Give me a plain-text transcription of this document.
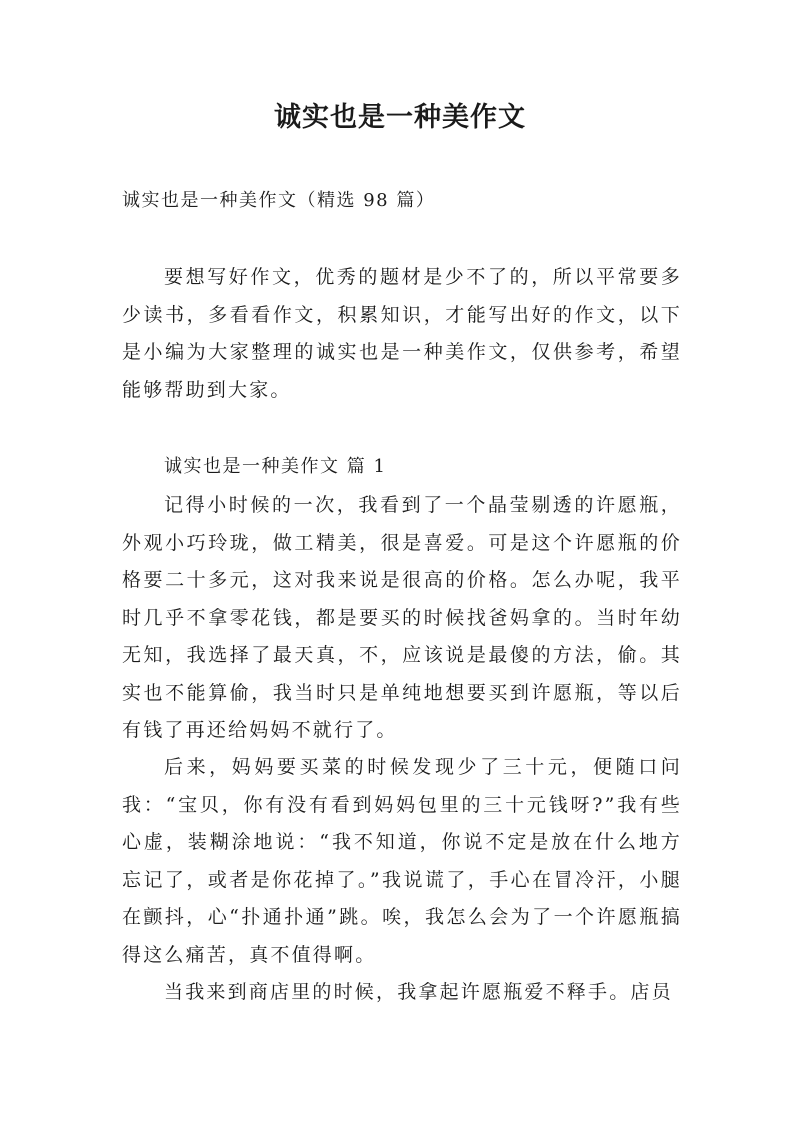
诚实也是一种美作文

诚实也是一种美作文（精选 98 篇）

要想写好作文，优秀的题材是少不了的，所以平常要多少读书，多看看作文，积累知识，才能写出好的作文，以下是小编为大家整理的诚实也是一种美作文，仅供参考，希望能够帮助到大家。

诚实也是一种美作文 篇 1

记得小时候的一次，我看到了一个晶莹剔透的许愿瓶，外观小巧玲珑，做工精美，很是喜爱。可是这个许愿瓶的价格要二十多元，这对我来说是很高的价格。怎么办呢，我平时几乎不拿零花钱，都是要买的时候找爸妈拿的。当时年幼无知，我选择了最天真，不，应该说是最傻的方法，偷。其实也不能算偷，我当时只是单纯地想要买到许愿瓶，等以后有钱了再还给妈妈不就行了。

后来，妈妈要买菜的时候发现少了三十元，便随口问我：“宝贝，你有没有看到妈妈包里的三十元钱呀?”我有些心虚，装糊涂地说：“我不知道，你说不定是放在什么地方忘记了，或者是你花掉了。”我说谎了，手心在冒冷汗，小腿在颤抖，心“扑通扑通”跳。唉，我怎么会为了一个许愿瓶搞得这么痛苦，真不值得啊。

当我来到商店里的时候，我拿起许愿瓶爱不释手。店员
